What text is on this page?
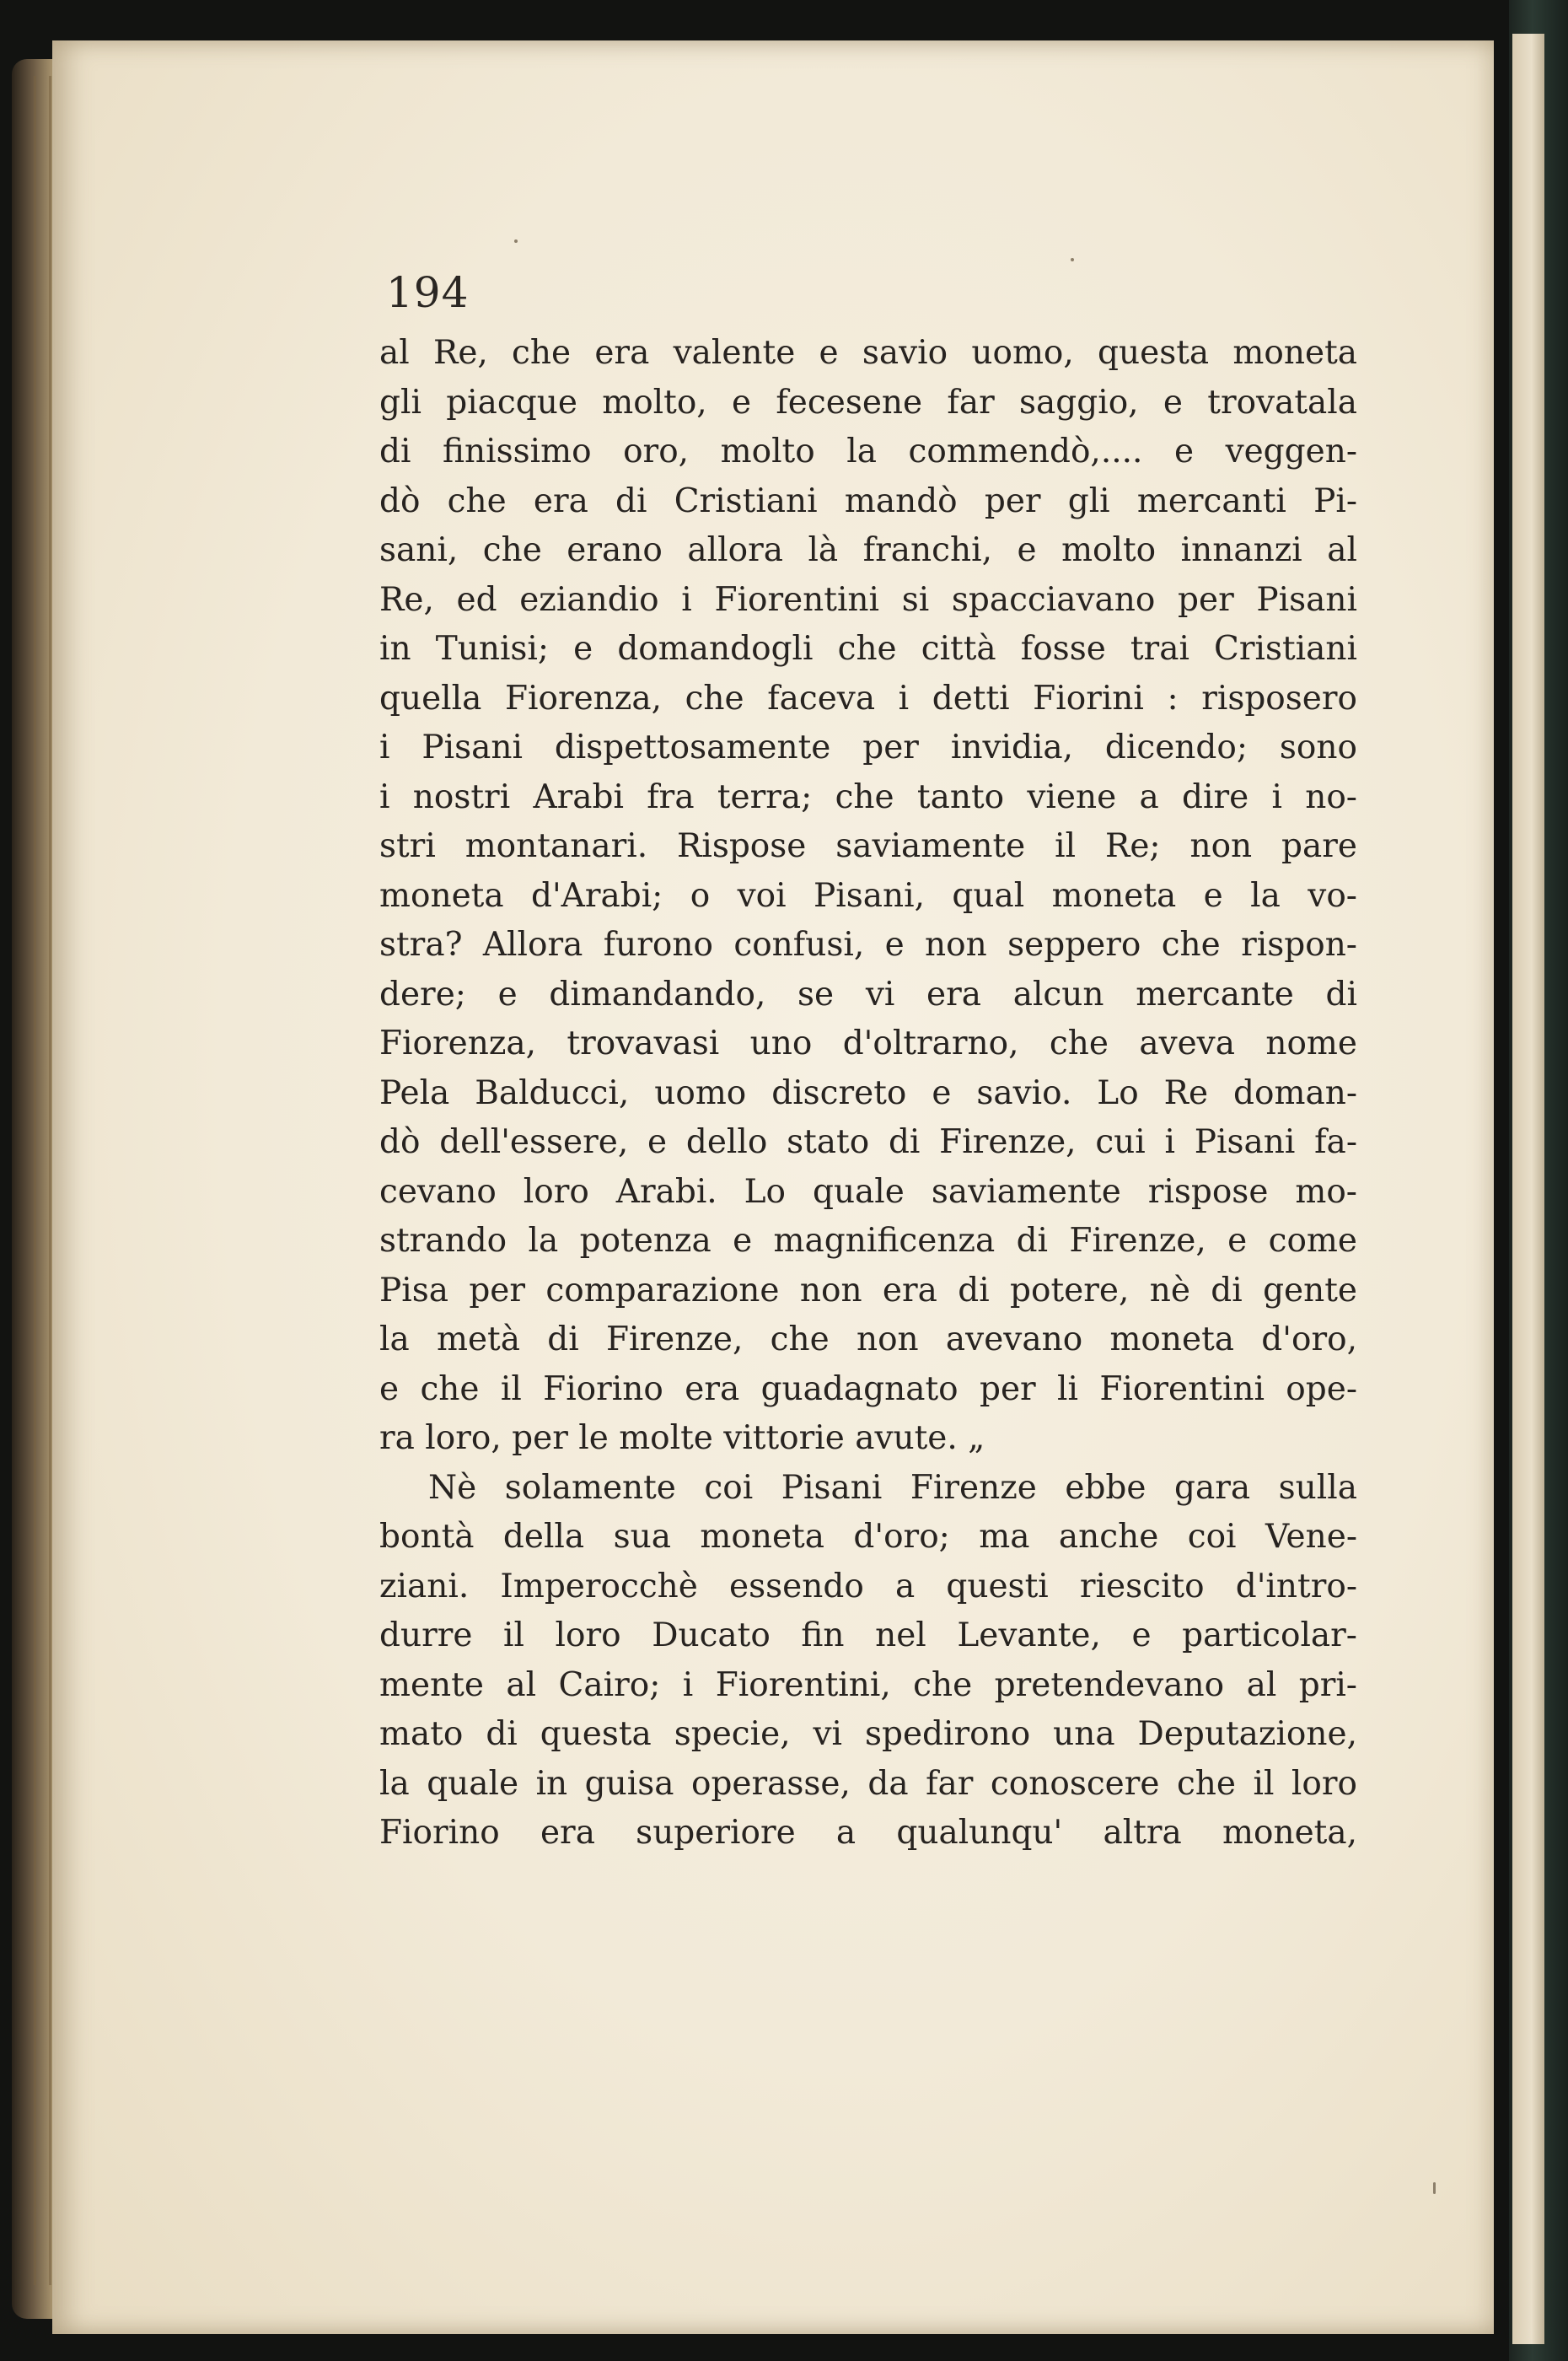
194

al Re, che era valente e savio uomo, questa moneta
gli piacque molto, e fecesene far saggio, e trovatala
di finissimo oro, molto la commendò,.... e veggen-
dò che era di Cristiani mandò per gli mercanti Pi-
sani, che erano allora là franchi, e molto innanzi al
Re, ed eziandio i Fiorentini si spacciavano per Pisani
in Tunisi; e domandogli che città fosse trai Cristiani
quella Fiorenza, che faceva i detti Fiorini : risposero
i Pisani dispettosamente per invidia, dicendo; sono
i nostri Arabi fra terra; che tanto viene a dire i no-
stri montanari. Rispose saviamente il Re; non pare
moneta d'Arabi; o voi Pisani, qual moneta e la vo-
stra? Allora furono confusi, e non seppero che rispon-
dere; e dimandando, se vi era alcun mercante di
Fiorenza, trovavasi uno d'oltrarno, che aveva nome
Pela Balducci, uomo discreto e savio. Lo Re doman-
dò dell'essere, e dello stato di Firenze, cui i Pisani fa-
cevano loro Arabi. Lo quale saviamente rispose mo-
strando la potenza e magnificenza di Firenze, e come
Pisa per comparazione non era di potere, nè di gente
la metà di Firenze, che non avevano moneta d'oro,
e che il Fiorino era guadagnato per li Fiorentini ope-
ra loro, per le molte vittorie avute. „
Nè solamente coi Pisani Firenze ebbe gara sulla
bontà della sua moneta d'oro; ma anche coi Vene-
ziani. Imperocchè essendo a questi riescito d'intro-
durre il loro Ducato fin nel Levante, e particolar-
mente al Cairo; i Fiorentini, che pretendevano al pri-
mato di questa specie, vi spedirono una Deputazione,
la quale in guisa operasse, da far conoscere che il loro
Fiorino era superiore a qualunqu' altra moneta,
